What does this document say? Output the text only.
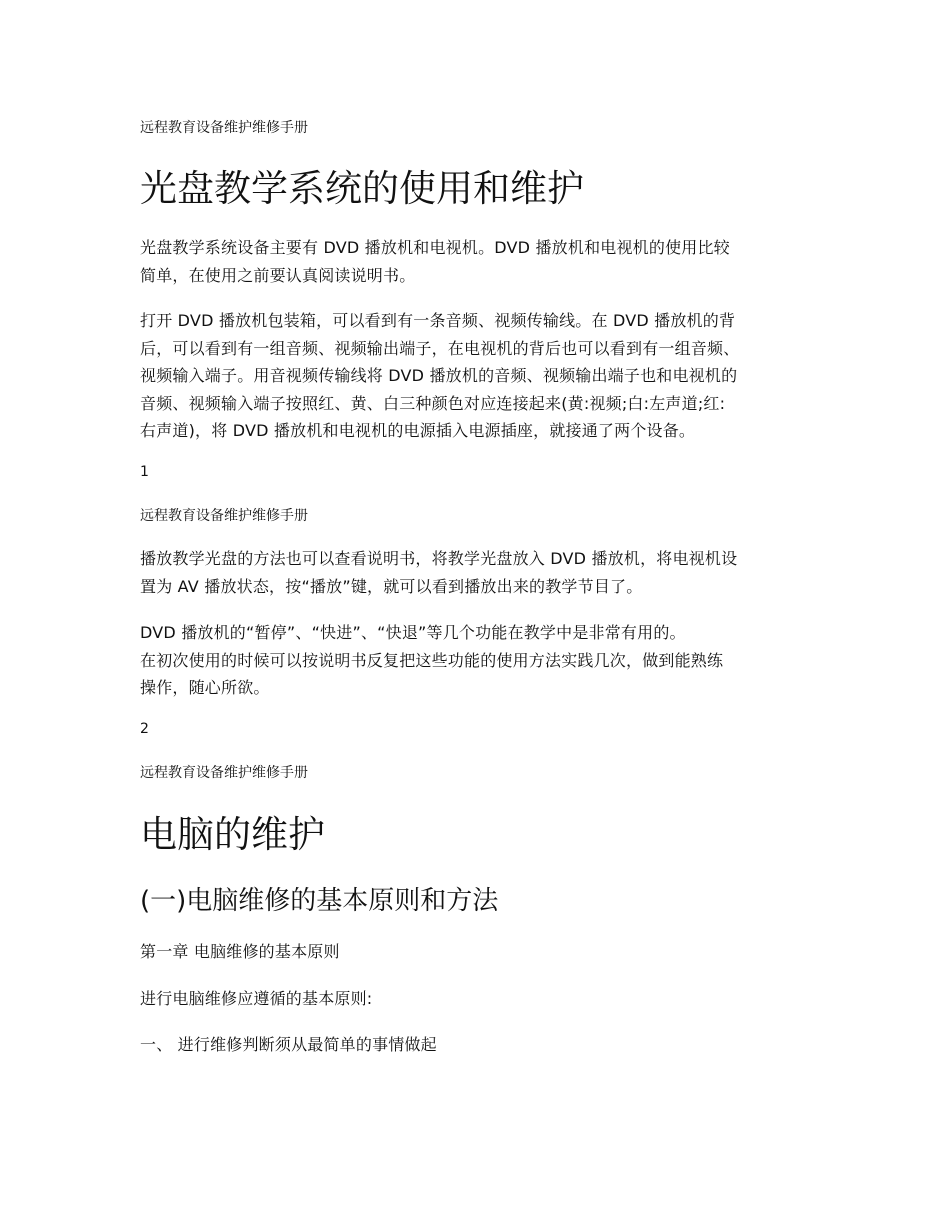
远程教育设备维护维修手册
光盘教学系统的使用和维护
光盘教学系统设备主要有 DVD 播放机和电视机。DVD 播放机和电视机的使用比较
简单，在使用之前要认真阅读说明书。
打开 DVD 播放机包装箱，可以看到有一条音频、视频传输线。在 DVD 播放机的背
后，可以看到有一组音频、视频输出端子，在电视机的背后也可以看到有一组音频、
视频输入端子。用音视频传输线将 DVD 播放机的音频、视频输出端子也和电视机的
音频、视频输入端子按照红、黄、白三种颜色对应连接起来(黄:视频;白:左声道;红:
右声道)，将 DVD 播放机和电视机的电源插入电源插座，就接通了两个设备。
1
远程教育设备维护维修手册
播放教学光盘的方法也可以查看说明书，将教学光盘放入 DVD 播放机，将电视机设
置为 AV 播放状态，按“播放”键，就可以看到播放出来的教学节目了。
DVD 播放机的“暂停”、“快进”、“快退”等几个功能在教学中是非常有用的。
在初次使用的时候可以按说明书反复把这些功能的使用方法实践几次，做到能熟练
操作，随心所欲。
2
远程教育设备维护维修手册
电脑的维护
(一)电脑维修的基本原则和方法
第一章 电脑维修的基本原则
进行电脑维修应遵循的基本原则:
一、 进行维修判断须从最简单的事情做起
